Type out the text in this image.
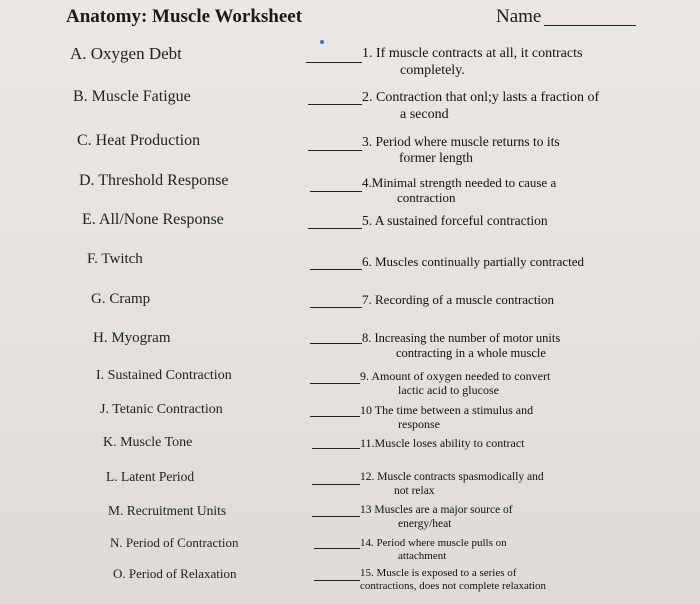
Anatomy: Muscle Worksheet	Name
A. Oxygen Debt
B. Muscle Fatigue
C. Heat Production
D. Threshold Response
E. All/None Response
F. Twitch
G. Cramp
H. Myogram
I. Sustained Contraction
J. Tetanic Contraction
K. Muscle Tone
L. Latent Period
M. Recruitment Units
N. Period of Contraction
O. Period of Relaxation
1. If muscle contracts at all, it contracts
completely.
2. Contraction that onl;y lasts a fraction of
a second
3. Period where muscle returns to its
former length
4.Minimal strength needed to cause a
contraction
5. A sustained forceful contraction
6. Muscles continually partially contracted
7. Recording of a muscle contraction
8. Increasing the number of motor units
contracting in a whole muscle
9. Amount of oxygen needed to convert
lactic acid to glucose
10 The time between a stimulus and
response
11.Muscle loses ability to contract
12. Muscle contracts spasmodically and
not relax
13 Muscles are a major source of
energy/heat
14. Period where muscle pulls on
attachment
15. Muscle is exposed to a series of
contractions, does not complete relaxation
